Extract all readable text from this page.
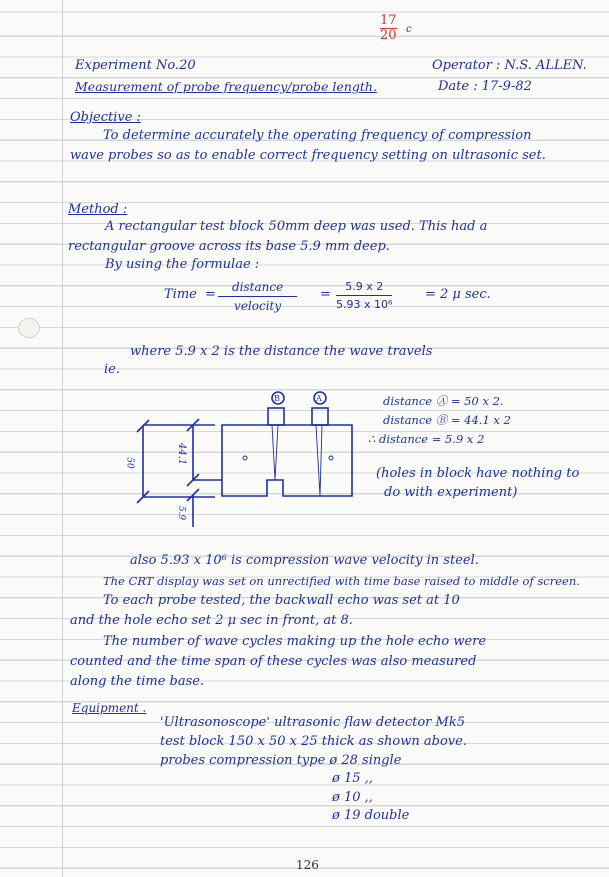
$\frac{17}{20}$ c
Experiment No.20	Operator : N.S. ALLEN.
Measurement of probe frequency/probe length.	Date : 17-9-82
Objective :
To determine accurately the operating frequency of compression
wave probes so as to enable correct frequency setting on ultrasonic set.
Method :
A rectangular test block 50mm deep was used. This had a
rectangular groove across its base 5.9 mm deep.
By using the formulae :
Time =	distance
velocity
= $\frac{5.9 x 2}{\text{5.93 x 10⁶}}$	= 2 μ sec.
where 5.9 x 2 is the distance the wave travels
ie.
B	A
50	44.1
5.9
distance Ⓐ = 50 x 2.
distance Ⓑ = 44.1 x 2
∴ distance = 5.9 x 2
(holes in block have nothing to
do with experiment)
also 5.93 x 10⁶ is compression wave velocity in steel.
The CRT display was set on unrectified with time base raised to middle of screen.
To each probe tested, the backwall echo was set at 10
and the hole echo set 2 μ sec in front, at 8.
The number of wave cycles making up the hole echo were
counted and the time span of these cycles was also measured
along the time base.
Equipment .
'Ultrasonoscope' ultrasonic flaw detector Mk5
test block 150 x 50 x 25 thick as shown above.
probes compression type ø 28 single
ø 15 ,,
ø 10 ,,
ø 19 double
126
